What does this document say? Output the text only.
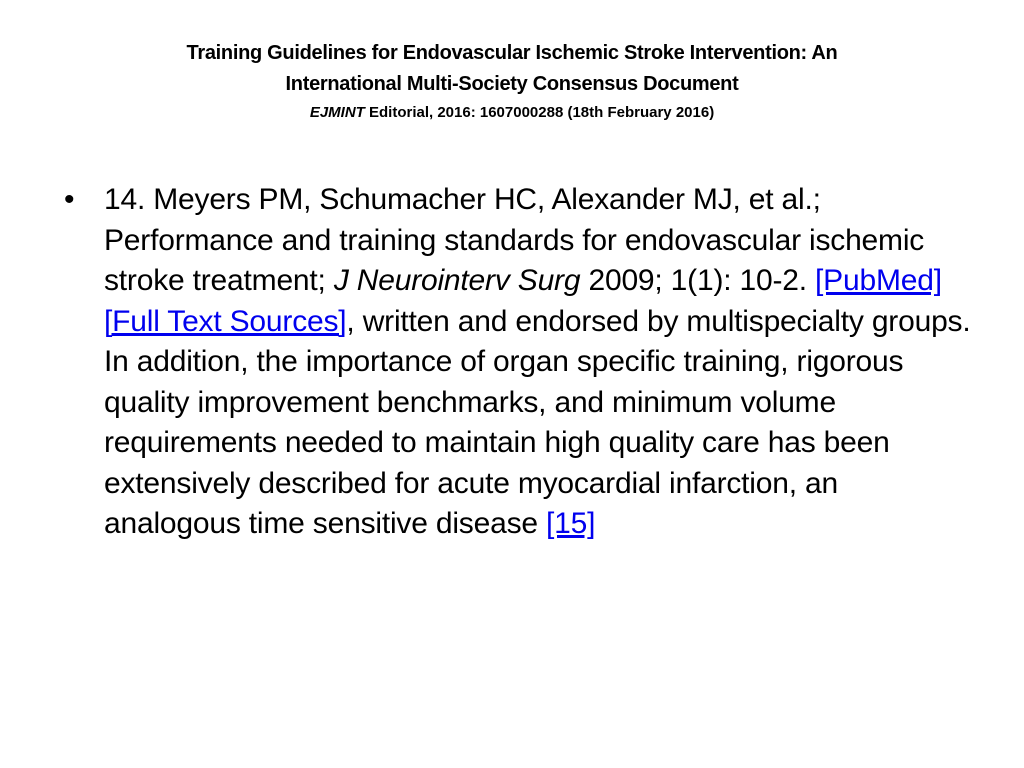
Training Guidelines for Endovascular Ischemic Stroke Intervention: An
International Multi-Society Consensus Document
EJMINT Editorial, 2016: 1607000288 (18th February 2016)
• 14. Meyers PM, Schumacher HC, Alexander MJ, et al.; Performance and training standards for endovascular ischemic stroke treatment; J Neurointerv Surg 2009; 1(1): 10-2. [PubMed] [Full Text Sources], written and endorsed by multispecialty groups. In addition, the importance of organ specific training, rigorous quality improvement benchmarks, and minimum volume requirements needed to maintain high quality care has been extensively described for acute myocardial infarction, an analogous time sensitive disease [15]
